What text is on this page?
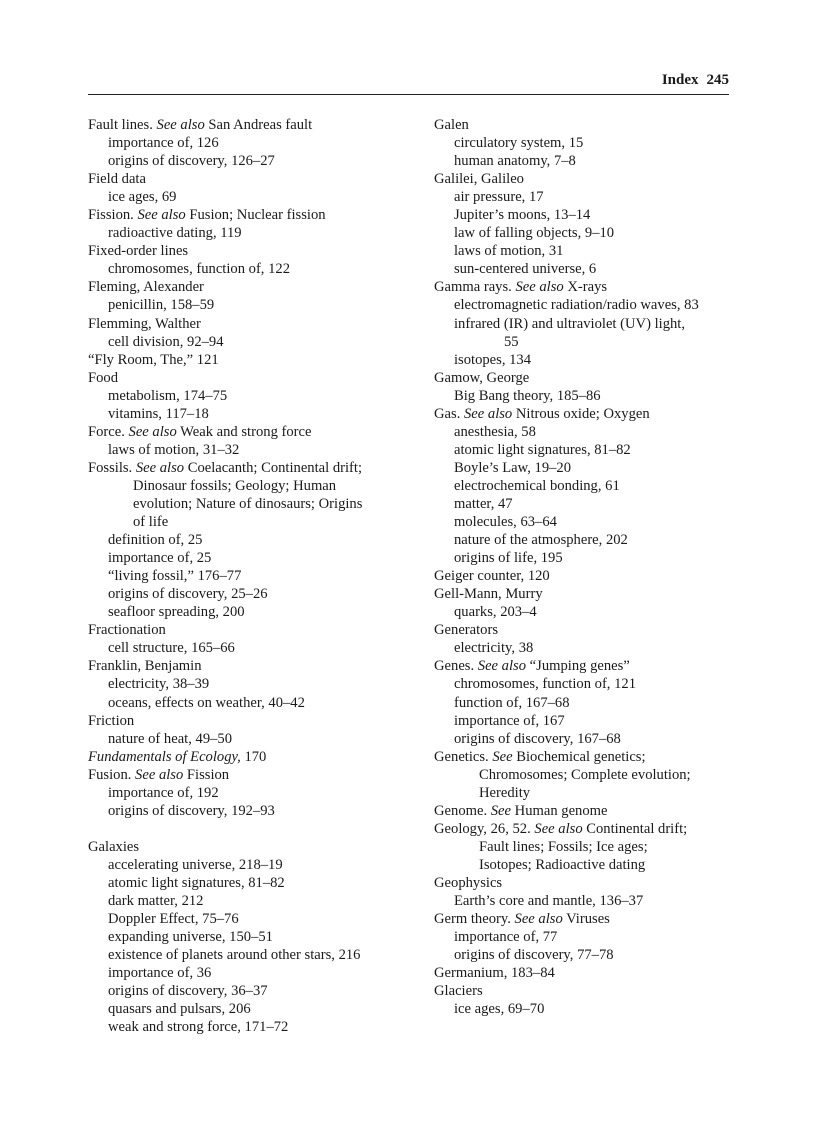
Index 245
Fault lines. See also San Andreas fault
importance of, 126
origins of discovery, 126–27
Field data
ice ages, 69
Fission. See also Fusion; Nuclear fission
radioactive dating, 119
Fixed-order lines
chromosomes, function of, 122
Fleming, Alexander
penicillin, 158–59
Flemming, Walther
cell division, 92–94
“Fly Room, The,” 121
Food
metabolism, 174–75
vitamins, 117–18
Force. See also Weak and strong force
laws of motion, 31–32
Fossils. See also Coelacanth; Continental drift;
Dinosaur fossils; Geology; Human
evolution; Nature of dinosaurs; Origins
of life
definition of, 25
importance of, 25
“living fossil,” 176–77
origins of discovery, 25–26
seafloor spreading, 200
Fractionation
cell structure, 165–66
Franklin, Benjamin
electricity, 38–39
oceans, effects on weather, 40–42
Friction
nature of heat, 49–50
Fundamentals of Ecology, 170
Fusion. See also Fission
importance of, 192
origins of discovery, 192–93
Galaxies
accelerating universe, 218–19
atomic light signatures, 81–82
dark matter, 212
Doppler Effect, 75–76
expanding universe, 150–51
existence of planets around other stars, 216
importance of, 36
origins of discovery, 36–37
quasars and pulsars, 206
weak and strong force, 171–72
Galen
circulatory system, 15
human anatomy, 7–8
Galilei, Galileo
air pressure, 17
Jupiter’s moons, 13–14
law of falling objects, 9–10
laws of motion, 31
sun-centered universe, 6
Gamma rays. See also X-rays
electromagnetic radiation/radio waves, 83
infrared (IR) and ultraviolet (UV) light,
55
isotopes, 134
Gamow, George
Big Bang theory, 185–86
Gas. See also Nitrous oxide; Oxygen
anesthesia, 58
atomic light signatures, 81–82
Boyle’s Law, 19–20
electrochemical bonding, 61
matter, 47
molecules, 63–64
nature of the atmosphere, 202
origins of life, 195
Geiger counter, 120
Gell-Mann, Murry
quarks, 203–4
Generators
electricity, 38
Genes. See also “Jumping genes”
chromosomes, function of, 121
function of, 167–68
importance of, 167
origins of discovery, 167–68
Genetics. See Biochemical genetics;
Chromosomes; Complete evolution;
Heredity
Genome. See Human genome
Geology, 26, 52. See also Continental drift;
Fault lines; Fossils; Ice ages;
Isotopes; Radioactive dating
Geophysics
Earth’s core and mantle, 136–37
Germ theory. See also Viruses
importance of, 77
origins of discovery, 77–78
Germanium, 183–84
Glaciers
ice ages, 69–70
